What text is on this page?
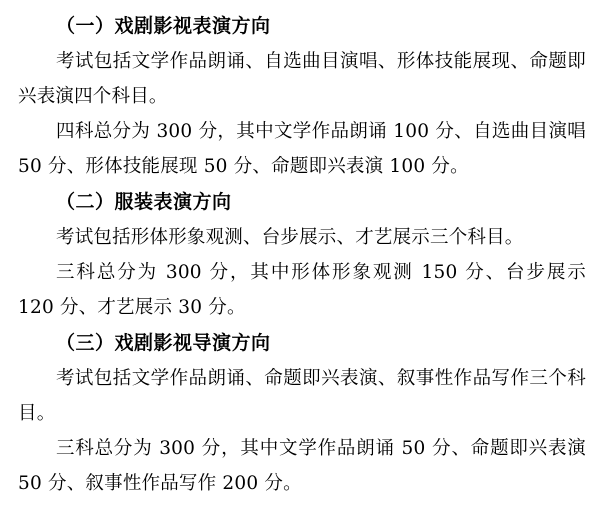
（一）戏剧影视表演方向

考试包括文学作品朗诵、自选曲目演唱、形体技能展现、命题即兴表演四个科目。

四科总分为 300 分，其中文学作品朗诵 100 分、自选曲目演唱 50 分、形体技能展现 50 分、命题即兴表演 100 分。

（二）服装表演方向

考试包括形体形象观测、台步展示、才艺展示三个科目。

三科总分为 300 分，其中形体形象观测 150 分、台步展示 120 分、才艺展示 30 分。

（三）戏剧影视导演方向

考试包括文学作品朗诵、命题即兴表演、叙事性作品写作三个科目。

三科总分为 300 分，其中文学作品朗诵 50 分、命题即兴表演 50 分、叙事性作品写作 200 分。
